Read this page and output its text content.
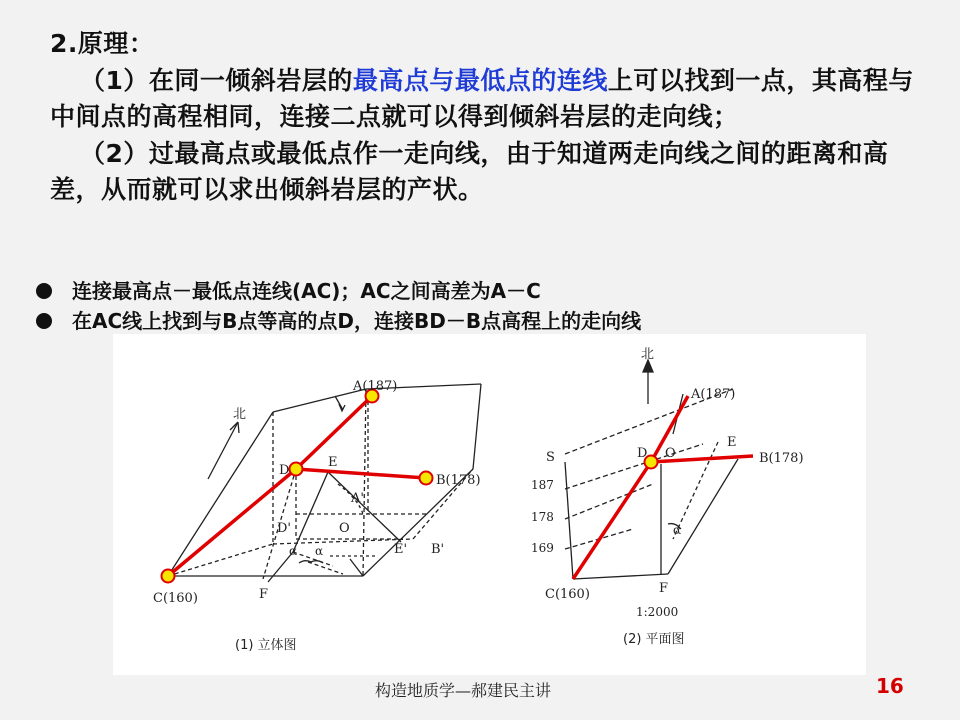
2.原理：
（1）在同一倾斜岩层的最高点与最低点的连线上可以找到一点，其高程与中间点的高程相同，连接二点就可以得到倾斜岩层的走向线；
（2）过最高点或最低点作一走向线，由于知道两走向线之间的距离和高差，从而就可以求出倾斜岩层的产状。
连接最高点－最低点连线(AC)；AC之间高差为A－C
在AC线上找到与B点等高的点D，连接BD－B点高程上的走向线
北
A(187)
B(178)
C(160)
D
E
A'
D'	O
α α	E' B'
F
(1) 立体图
北
A(187)
S	D O
E
B(178)
187
178
169
α
C(160)	F
1:2000
(2) 平面图
构造地质学—郝建民主讲	16
